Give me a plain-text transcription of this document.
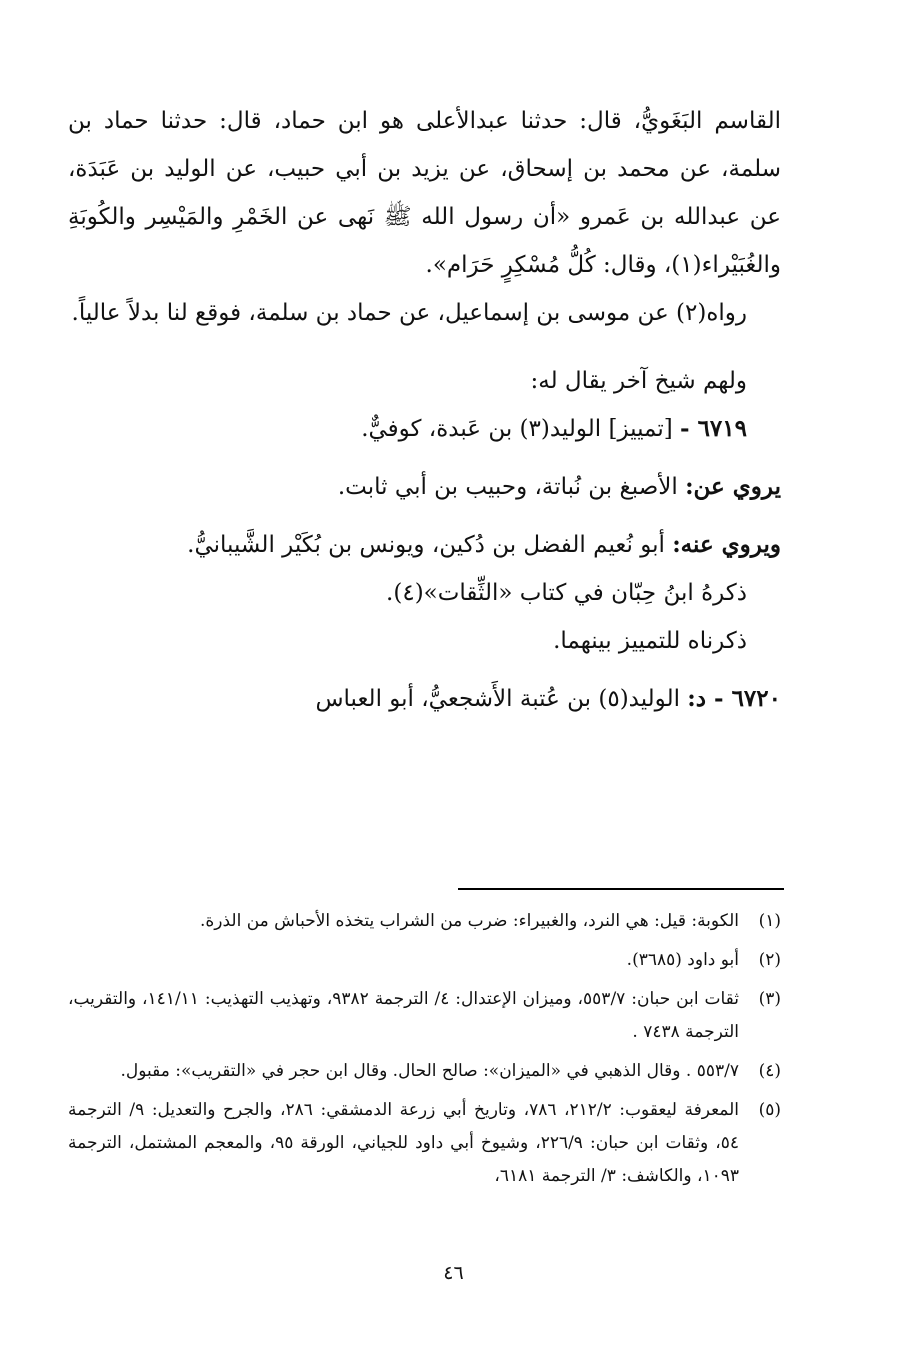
القاسم البَغَويُّ، قال: حدثنا عبدالأعلى هو ابن حماد، قال: حدثنا حماد بن سلمة، عن محمد بن إسحاق، عن يزيد بن أبي حبيب، عن الوليد بن عَبَدَة، عن عبدالله بن عَمرو «أن رسول الله ﷺ نَهى عن الخَمْرِ والمَيْسِر والكُوبَةِ والغُبَيْراء(١)، وقال: كُلُّ مُسْكِرٍ حَرَام».

رواه(٢) عن موسى بن إسماعيل، عن حماد بن سلمة، فوقع لنا بدلاً عالياً.

ولهم شيخ آخر يقال له:

٦٧١٩ - [تمييز] الوليد(٣) بن عَبدة، كوفيٌّ.

يروي عن: الأصبغ بن نُباتة، وحبيب بن أبي ثابت.

ويروي عنه: أبو نُعيم الفضل بن دُكين، ويونس بن بُكَيْر الشَّيبانيُّ.

ذكرهُ ابنُ حِبّان في كتاب «الثِّقات»(٤).

ذكرناه للتمييز بينهما.

٦٧٢٠ - د: الوليد(٥) بن عُتبة الأَشجعيُّ، أبو العباس

(١)
الكوبة: قيل: هي النرد، والغبيراء: ضرب من الشراب يتخذه الأحباش من الذرة.
(٢)
أبو داود (٣٦٨٥).
(٣)
ثقات ابن حبان: ٥٥٣/٧، وميزان الإعتدال: ٤/ الترجمة ٩٣٨٢، وتهذيب التهذيب: ١٤١/١١، والتقريب، الترجمة ٧٤٣٨ .
(٤)
٥٥٣/٧ . وقال الذهبي في «الميزان»: صالح الحال. وقال ابن حجر في «التقريب»: مقبول.
(٥)
المعرفة ليعقوب: ٢١٢/٢، ٧٨٦، وتاريخ أبي زرعة الدمشقي: ٢٨٦، والجرح والتعديل: ٩/ الترجمة ٥٤، وثقات ابن حبان: ٢٢٦/٩، وشيوخ أبي داود للجياني، الورقة ٩٥، والمعجم المشتمل، الترجمة ١٠٩٣، والكاشف: ٣/ الترجمة ٦١٨١،
٤٦
